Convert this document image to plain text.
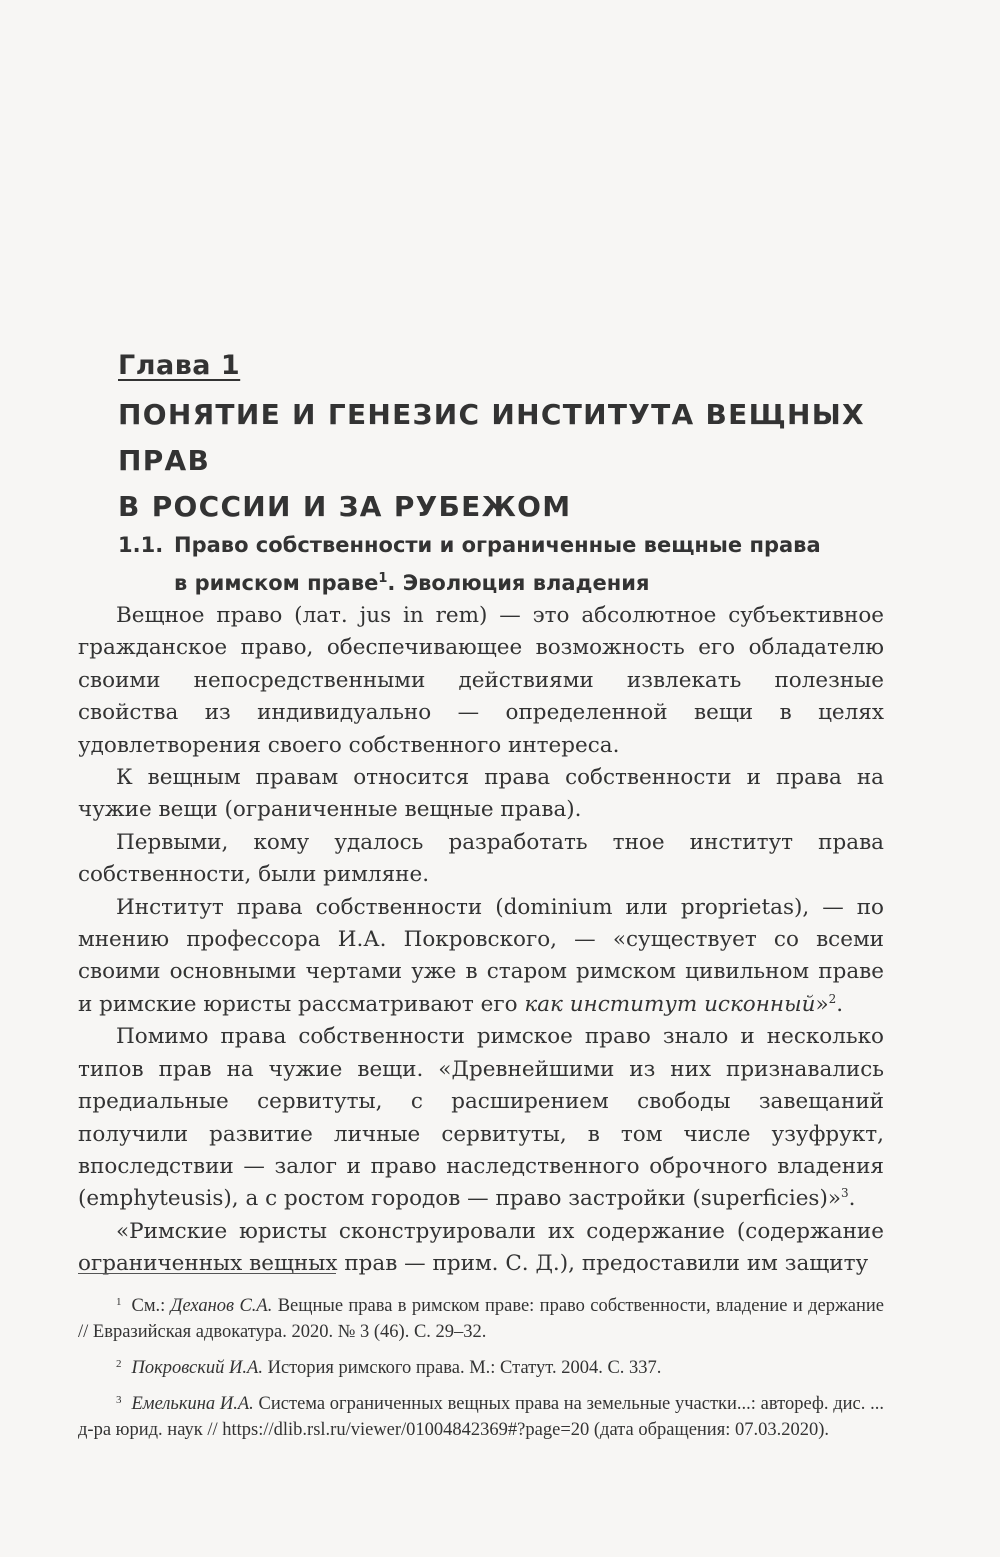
Глава 1
ПОНЯТИЕ И ГЕНЕЗИС ИНСТИТУТА ВЕЩНЫХ ПРАВ
В РОССИИ И ЗА РУБЕЖОМ
1.1. Право собственности и ограниченные вещные права
в римском праве$^1$. Эволюция владения

Вещное право (лат. jus in rem) — это абсолютное субъективное гражданское право, обеспечивающее возможность его обладателю своими непосредственными действиями извлекать полезные свойства из индивидуально — определенной вещи в целях удовлетворения своего собственного интереса.

К вещным правам относится права собственности и права на чужие вещи (ограниченные вещные права).

Первыми, кому удалось разработать тное институт права собственности, были римляне.

Институт права собственности (dominium или proprietas), — по мнению профессора И.А. Покровского, — «существует со всеми своими основными чертами уже в старом римском цивильном праве и римские юристы рассматривают его как институт исконный»$^2$.

Помимо права собственности римское право знало и несколько типов прав на чужие вещи. «Древнейшими из них признавались предиальные сервитуты, с расширением свободы завещаний получили развитие личные сервитуты, в том числе узуфрукт, впоследствии — залог и право наследственного оброчного владения (emphyteusis), а с ростом городов — право застройки (superficies)»$^3$.

«Римские юристы сконструировали их содержание (содержание ограниченных вещных прав — прим. С. Д.), предоставили им защиту

$^1$ См.: Деханов С.А. Вещные права в римском праве: право собственности, владение и держание // Евразийская адвокатура. 2020. № 3 (46). С. 29–32.

$^2$ Покровский И.А. История римского права. М.: Статут. 2004. С. 337.

$^3$ Емелькина И.А. Система ограниченных вещных права на земельные участки...: автореф. дис. ... д-ра юрид. наук // https://dlib.rsl.ru/viewer/01004842369#?page=20 (дата обращения: 07.03.2020).
